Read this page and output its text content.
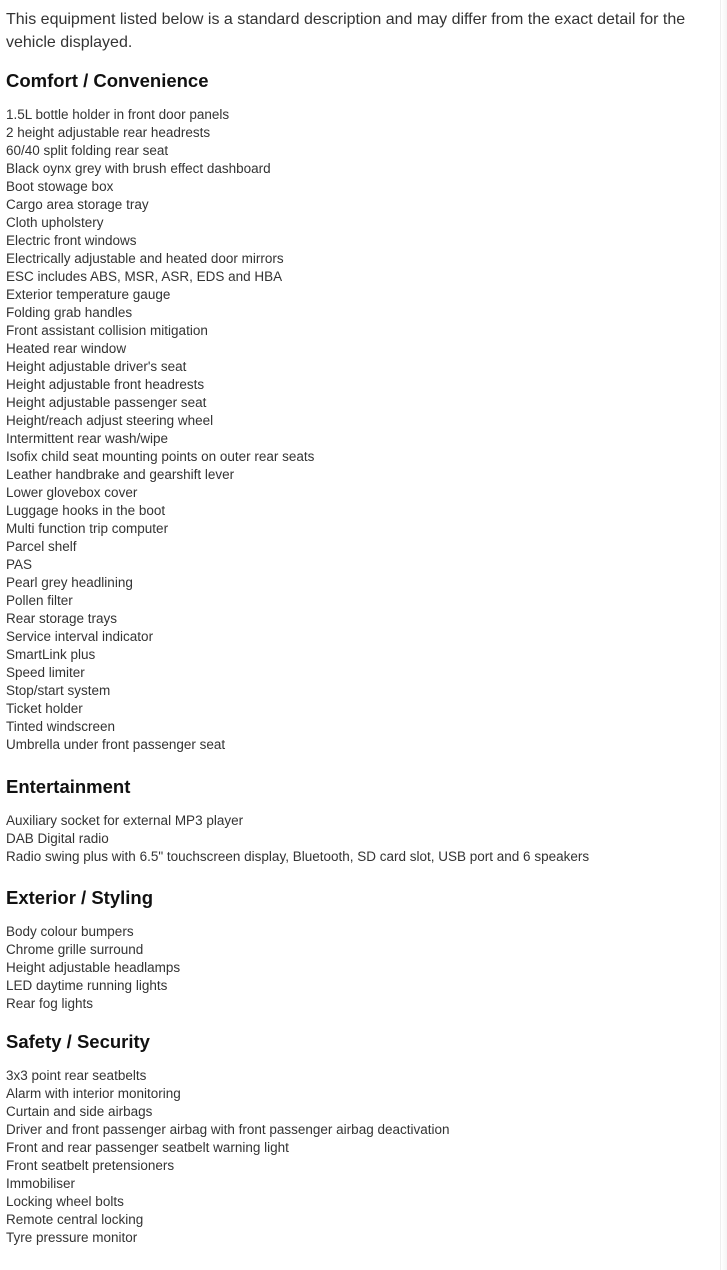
This equipment listed below is a standard description and may differ from the exact detail for the vehicle displayed.

Comfort / Convenience
1.5L bottle holder in front door panels
2 height adjustable rear headrests
60/40 split folding rear seat
Black oynx grey with brush effect dashboard
Boot stowage box
Cargo area storage tray
Cloth upholstery
Electric front windows
Electrically adjustable and heated door mirrors
ESC includes ABS, MSR, ASR, EDS and HBA
Exterior temperature gauge
Folding grab handles
Front assistant collision mitigation
Heated rear window
Height adjustable driver's seat
Height adjustable front headrests
Height adjustable passenger seat
Height/reach adjust steering wheel
Intermittent rear wash/wipe
Isofix child seat mounting points on outer rear seats
Leather handbrake and gearshift lever
Lower glovebox cover
Luggage hooks in the boot
Multi function trip computer
Parcel shelf
PAS
Pearl grey headlining
Pollen filter
Rear storage trays
Service interval indicator
SmartLink plus
Speed limiter
Stop/start system
Ticket holder
Tinted windscreen
Umbrella under front passenger seat
Entertainment
Auxiliary socket for external MP3 player
DAB Digital radio
Radio swing plus with 6.5" touchscreen display, Bluetooth, SD card slot, USB port and 6 speakers
Exterior / Styling
Body colour bumpers
Chrome grille surround
Height adjustable headlamps
LED daytime running lights
Rear fog lights
Safety / Security
3x3 point rear seatbelts
Alarm with interior monitoring
Curtain and side airbags
Driver and front passenger airbag with front passenger airbag deactivation
Front and rear passenger seatbelt warning light
Front seatbelt pretensioners
Immobiliser
Locking wheel bolts
Remote central locking
Tyre pressure monitor
